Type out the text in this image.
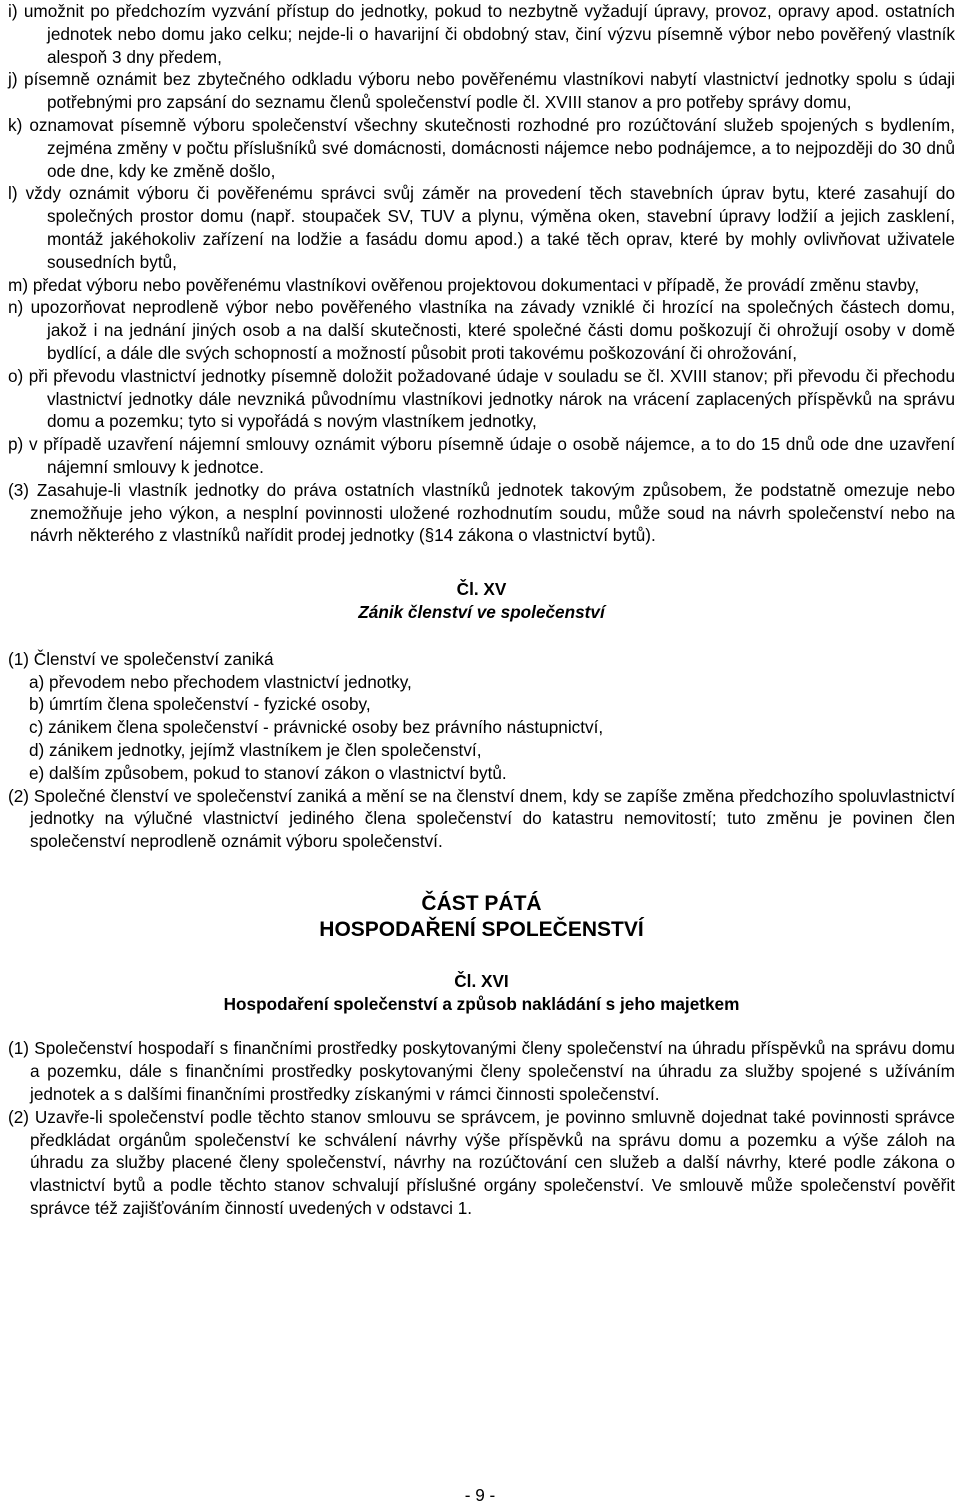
i) umožnit po předchozím vyzvání přístup do jednotky, pokud to nezbytně vyžadují úpravy, provoz, opravy apod. ostatních jednotek nebo domu jako celku; nejde-li o havarijní či obdobný stav, činí výzvu písemně výbor nebo pověřený vlastník alespoň 3 dny předem,

j) písemně oznámit bez zbytečného odkladu výboru nebo pověřenému vlastníkovi nabytí vlastnictví jednotky spolu s údaji potřebnými pro zapsání do seznamu členů společenství podle čl. XVIII stanov a pro potřeby správy domu,

k) oznamovat písemně výboru společenství všechny skutečnosti rozhodné pro rozúčtování služeb spojených s bydlením, zejména změny v počtu příslušníků své domácnosti, domácnosti nájemce nebo podnájemce, a to nejpozději do 30 dnů ode dne, kdy ke změně došlo,

l) vždy oznámit výboru či pověřenému správci svůj záměr na provedení těch stavebních úprav bytu, které zasahují do společných prostor domu (např. stoupaček SV, TUV a plynu, výměna oken, stavební úpravy lodžií a jejich zasklení, montáž jakéhokoliv zařízení na lodžie a fasádu domu apod.) a také těch oprav, které by mohly ovlivňovat uživatele sousedních bytů,

m) předat výboru nebo pověřenému vlastníkovi ověřenou projektovou dokumentaci v případě, že provádí změnu stavby,

n) upozorňovat neprodleně výbor nebo pověřeného vlastníka na závady vzniklé či hrozící na společných částech domu, jakož i na jednání jiných osob a na další skutečnosti, které společné části domu poškozují či ohrožují osoby v domě bydlící, a dále dle svých schopností a možností působit proti takovému poškozování či ohrožování,

o) při převodu vlastnictví jednotky písemně doložit požadované údaje v souladu se čl. XVIII stanov; při převodu či přechodu vlastnictví jednotky dále nevzniká původnímu vlastníkovi jednotky nárok na vrácení zaplacených příspěvků na správu domu a pozemku; tyto si vypořádá s novým vlastníkem jednotky,

p) v případě uzavření nájemní smlouvy oznámit výboru písemně údaje o osobě nájemce, a to do 15 dnů ode dne uzavření nájemní smlouvy k jednotce.

(3) Zasahuje-li vlastník jednotky do práva ostatních vlastníků jednotek takovým způsobem, že podstatně omezuje nebo znemožňuje jeho výkon, a nesplní povinnosti uložené rozhodnutím soudu, může soud na návrh společenství nebo na návrh některého z vlastníků nařídit prodej jednotky (§14 zákona o vlastnictví bytů).

Čl. XV

Zánik členství ve společenství

(1) Členství ve společenství zaniká

a) převodem nebo přechodem vlastnictví jednotky,

b) úmrtím člena společenství - fyzické osoby,

c) zánikem člena společenství - právnické osoby bez právního nástupnictví,

d) zánikem jednotky, jejímž vlastníkem je člen společenství,

e) dalším způsobem, pokud to stanoví zákon o vlastnictví bytů.

(2) Společné členství ve společenství zaniká a mění se na členství dnem, kdy se zapíše změna předchozího spoluvlastnictví jednotky na výlučné vlastnictví jediného člena společenství do katastru nemovitostí; tuto změnu je povinen člen společenství neprodleně oznámit výboru společenství.

ČÁST PÁTÁ

HOSPODAŘENÍ SPOLEČENSTVÍ

Čl. XVI

Hospodaření společenství a způsob nakládání s jeho majetkem

(1) Společenství hospodaří s finančními prostředky poskytovanými členy společenství na úhradu příspěvků na správu domu a pozemku, dále s finančními prostředky poskytovanými členy společenství na úhradu za služby spojené s užíváním jednotek a s dalšími finančními prostředky získanými v rámci činnosti společenství.

(2) Uzavře-li společenství podle těchto stanov smlouvu se správcem, je povinno smluvně dojednat také povinnosti správce předkládat orgánům společenství ke schválení návrhy výše příspěvků na správu domu a pozemku a výše záloh na úhradu za služby placené členy společenství, návrhy na rozúčtování cen služeb a další návrhy, které podle zákona o vlastnictví bytů a podle těchto stanov schvalují příslušné orgány společenství. Ve smlouvě může společenství pověřit správce též zajišťováním činností uvedených v odstavci 1.

- 9 -
